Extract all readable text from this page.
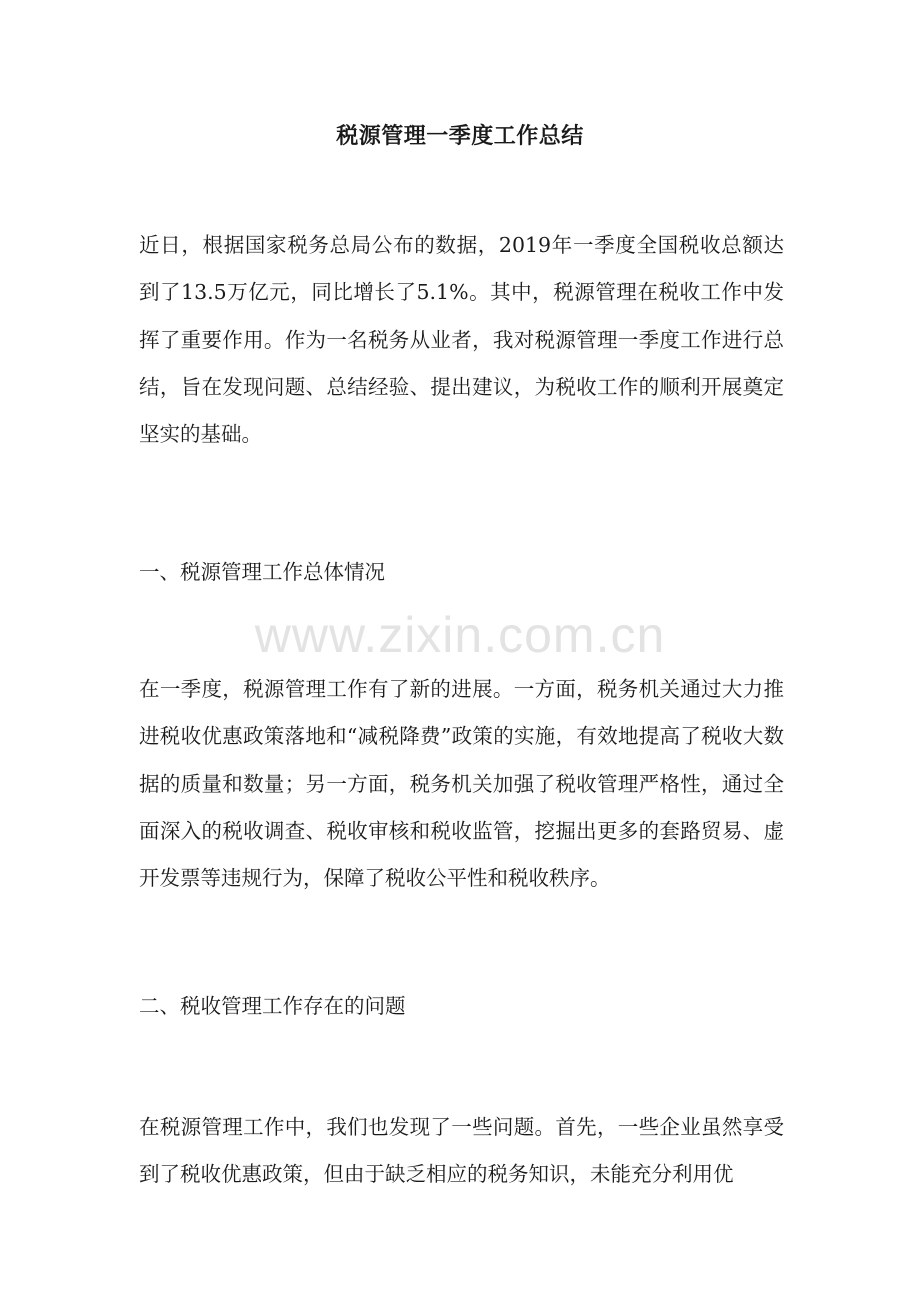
税源管理一季度工作总结

近日，根据国家税务总局公布的数据，2019年一季度全国税收总额达到了13.5万亿元，同比增长了5.1%。其中，税源管理在税收工作中发挥了重要作用。作为一名税务从业者，我对税源管理一季度工作进行总结，旨在发现问题、总结经验、提出建议，为税收工作的顺利开展奠定坚实的基础。

一、税源管理工作总体情况

www.zixin.com.cn

在一季度，税源管理工作有了新的进展。一方面，税务机关通过大力推进税收优惠政策落地和“减税降费”政策的实施，有效地提高了税收大数据的质量和数量；另一方面，税务机关加强了税收管理严格性，通过全面深入的税收调查、税收审核和税收监管，挖掘出更多的套路贸易、虚开发票等违规行为，保障了税收公平性和税收秩序。

二、税收管理工作存在的问题

在税源管理工作中，我们也发现了一些问题。首先，一些企业虽然享受到了税收优惠政策，但由于缺乏相应的税务知识，未能充分利用优
